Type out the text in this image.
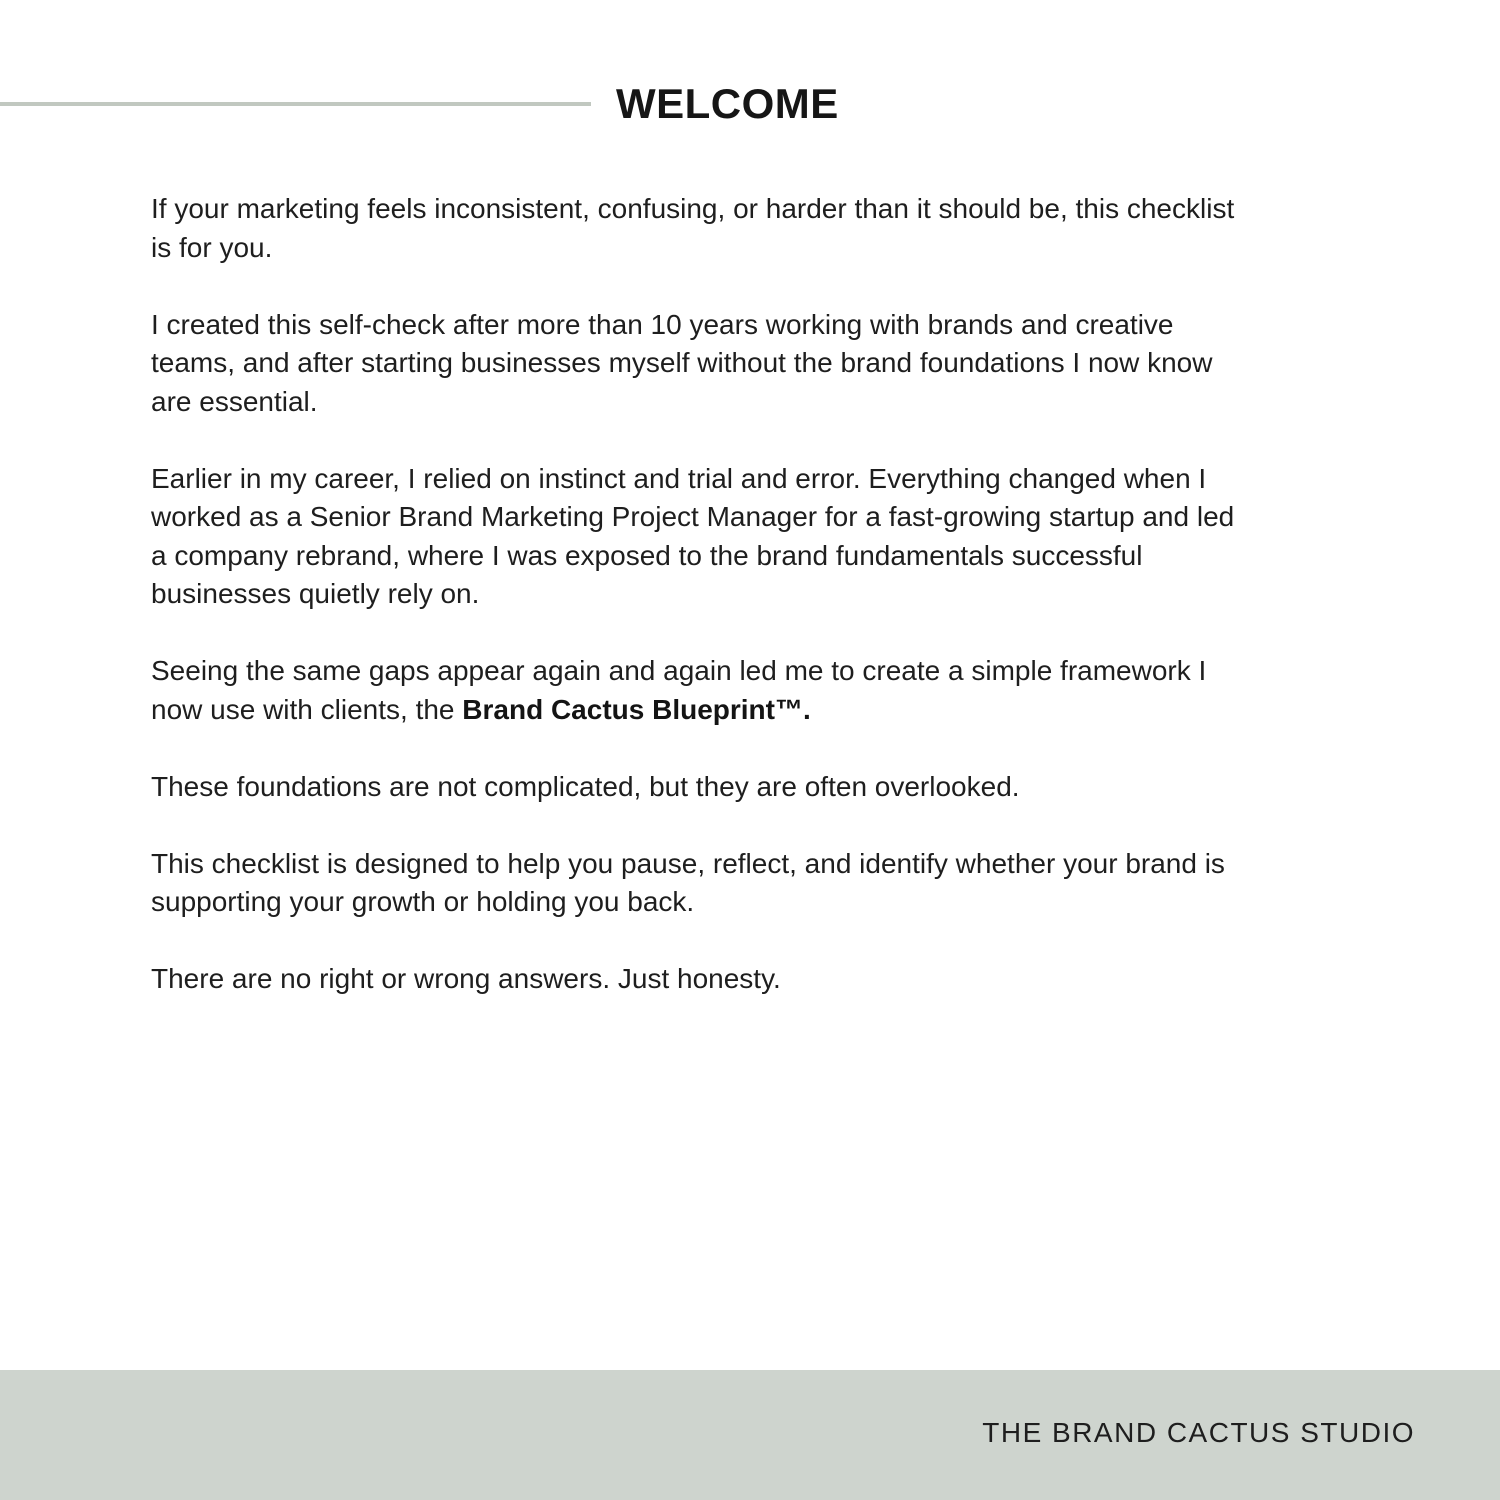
WELCOME

If your marketing feels inconsistent, confusing, or harder than it should be, this checklist is for you.

I created this self-check after more than 10 years working with brands and creative teams, and after starting businesses myself without the brand foundations I now know are essential.

Earlier in my career, I relied on instinct and trial and error. Everything changed when I worked as a Senior Brand Marketing Project Manager for a fast-growing startup and led a company rebrand, where I was exposed to the brand fundamentals successful businesses quietly rely on.

Seeing the same gaps appear again and again led me to create a simple framework I now use with clients, the Brand Cactus Blueprint™.

These foundations are not complicated, but they are often overlooked.

This checklist is designed to help you pause, reflect, and identify whether your brand is supporting your growth or holding you back.

There are no right or wrong answers. Just honesty.

THE BRAND CACTUS STUDIO
